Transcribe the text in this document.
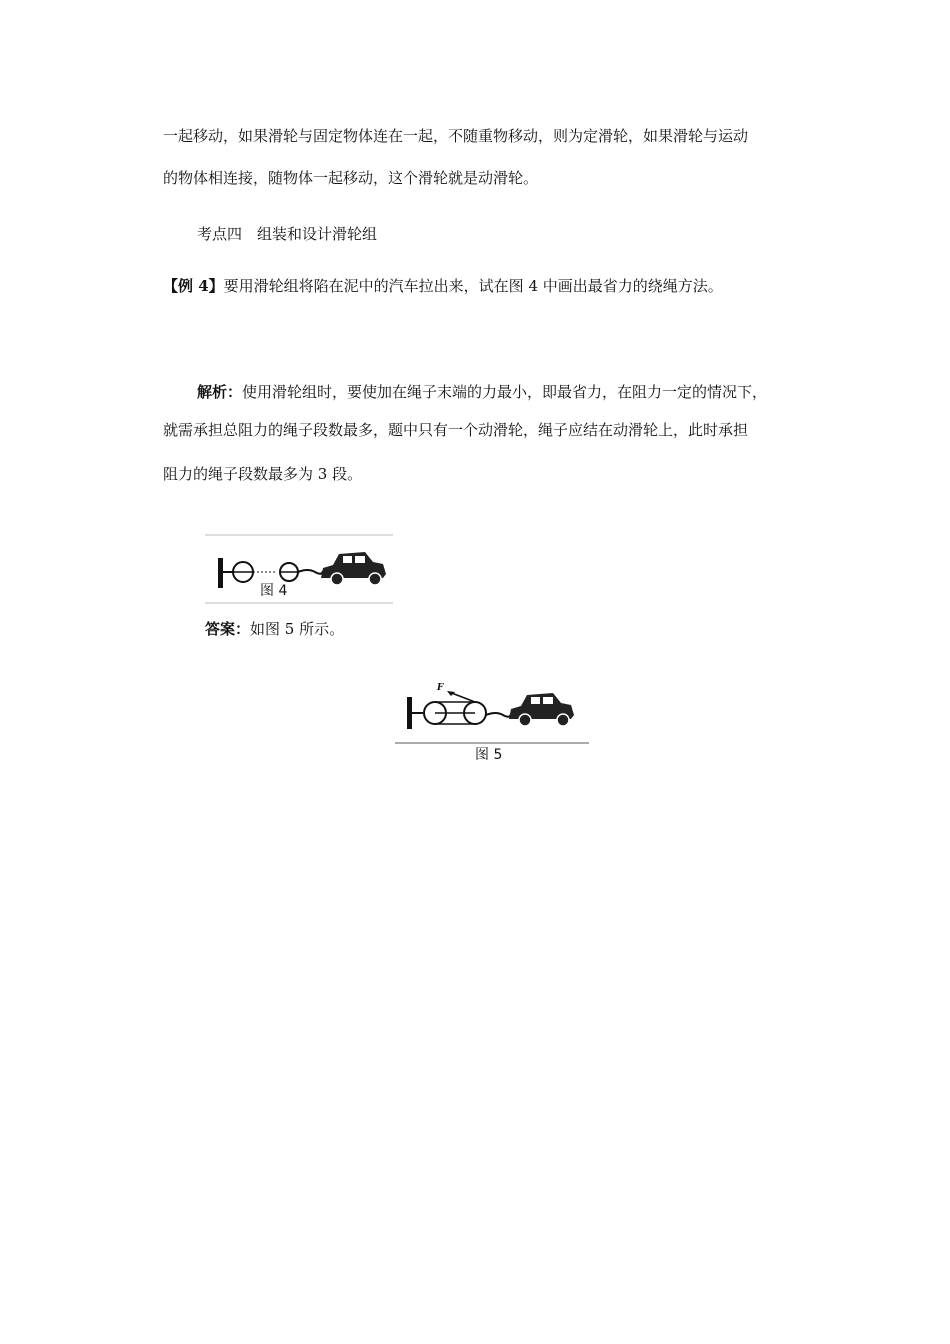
一起移动，如果滑轮与固定物体连在一起，不随重物移动，则为定滑轮，如果滑轮与运动
的物体相连接，随物体一起移动，这个滑轮就是动滑轮。
考点四　组装和设计滑轮组
【例 4】要用滑轮组将陷在泥中的汽车拉出来，试在图 4 中画出最省力的绕绳方法。
解析：使用滑轮组时，要使加在绳子末端的力最小，即最省力，在阻力一定的情况下，
就需承担总阻力的绳子段数最多，题中只有一个动滑轮，绳子应结在动滑轮上，此时承担
阻力的绳子段数最多为 3 段。
图 4
答案：如图 5 所示。
F
图 5
